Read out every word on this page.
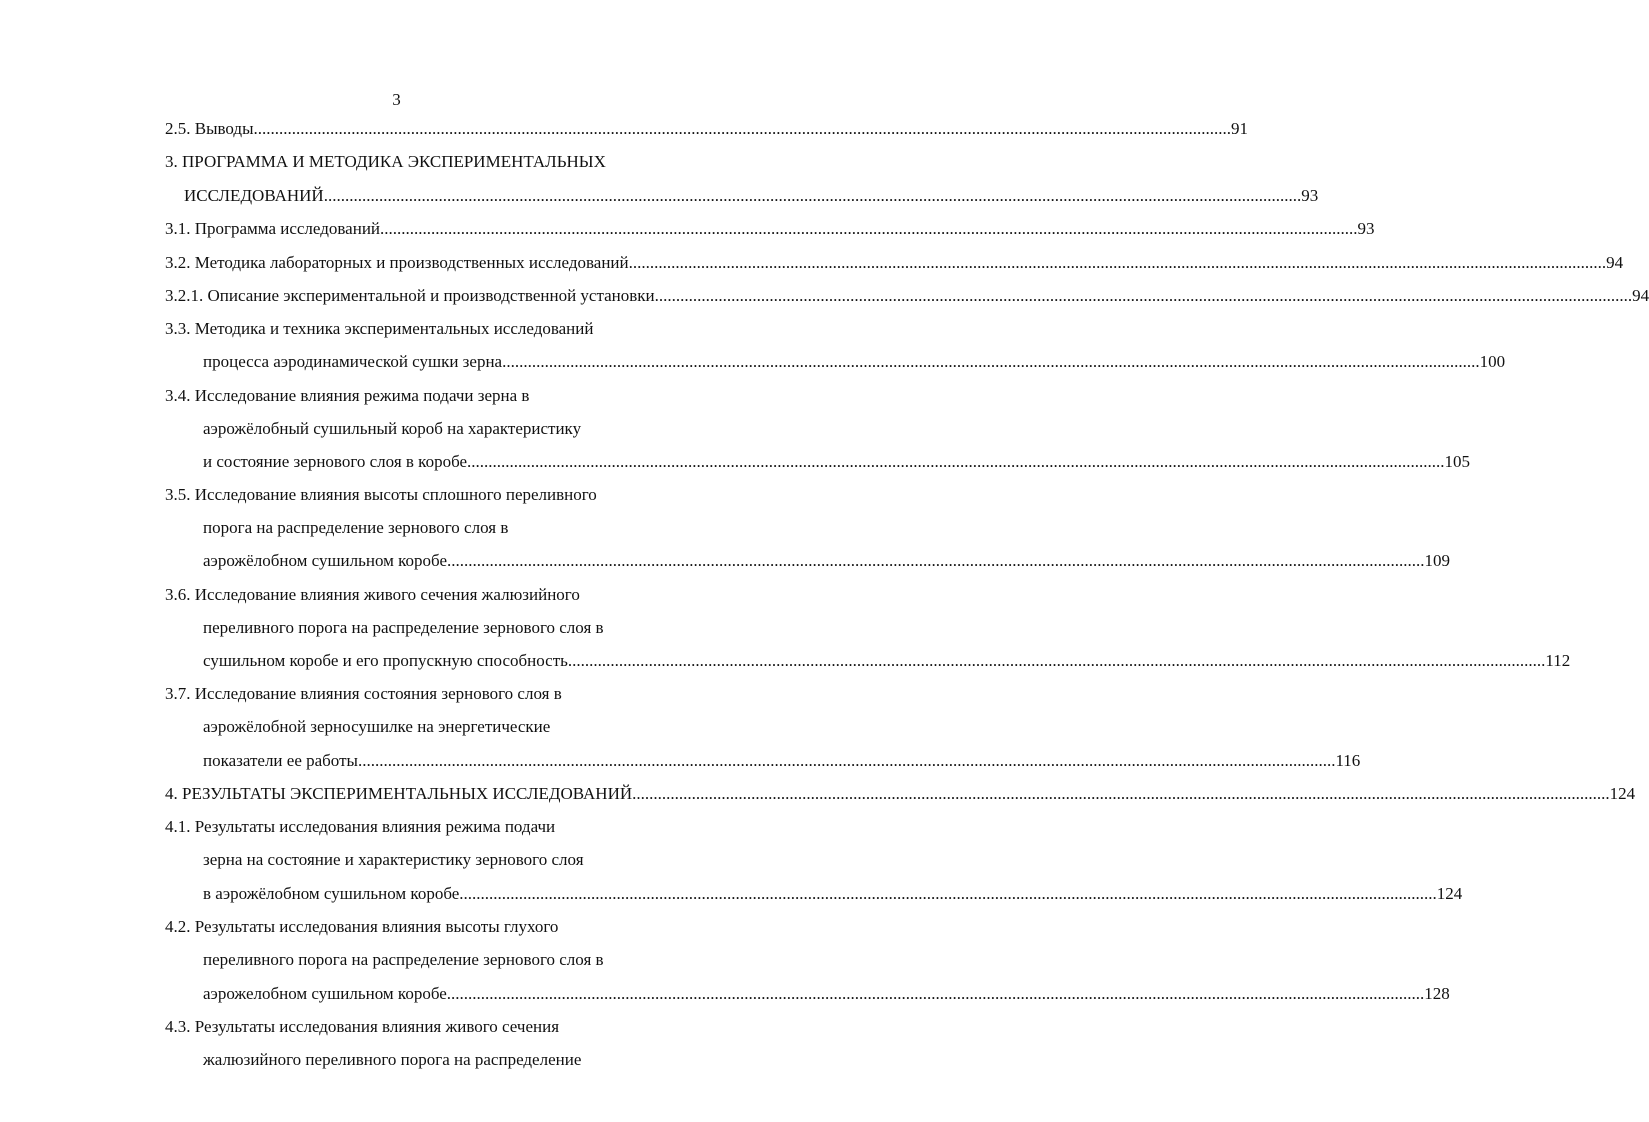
3
2.5. Выводы ...................................................................................................................................................................................................................................... 91
3. ПРОГРАММА И МЕТОДИКА ЭКСПЕРИМЕНТАЛЬНЫХ
ИССЛЕДОВАНИЙ ...................................................................................................................................................................................................................................... 93
3.1. Программа исследований ...................................................................................................................................................................................................................................... 93
3.2. Методика лабораторных и производственных исследований ...................................................................................................................................................................................................................................... 94
3.2.1. Описание экспериментальной и производственной установки ...................................................................................................................................................................................................................................... 94
3.3. Методика и техника экспериментальных исследований
процесса аэродинамической сушки зерна ...................................................................................................................................................................................................................................... 100
3.4. Исследование влияния режима подачи зерна в
аэрожёлобный сушильный короб на характеристику
и состояние зернового слоя в коробе ...................................................................................................................................................................................................................................... 105
3.5. Исследование влияния высоты сплошного переливного
порога на распределение зернового слоя в
аэрожёлобном сушильном коробе ...................................................................................................................................................................................................................................... 109
3.6. Исследование влияния живого сечения жалюзийного
переливного порога на распределение зернового слоя в
сушильном коробе и его пропускную способность ...................................................................................................................................................................................................................................... 112
3.7. Исследование влияния состояния зернового слоя в
аэрожёлобной зерносушилке на энергетические
показатели ее работы ...................................................................................................................................................................................................................................... 116
4. РЕЗУЛЬТАТЫ ЭКСПЕРИМЕНТАЛЬНЫХ ИССЛЕДОВАНИЙ ...................................................................................................................................................................................................................................... 124
4.1. Результаты исследования влияния режима подачи
зерна на состояние и характеристику зернового слоя
в аэрожёлобном сушильном коробе ...................................................................................................................................................................................................................................... 124
4.2. Результаты исследования влияния высоты глухого
переливного порога на распределение зернового слоя в
аэрожелобном сушильном коробе ...................................................................................................................................................................................................................................... 128
4.3. Результаты исследования влияния живого сечения
жалюзийного переливного порога на распределение
